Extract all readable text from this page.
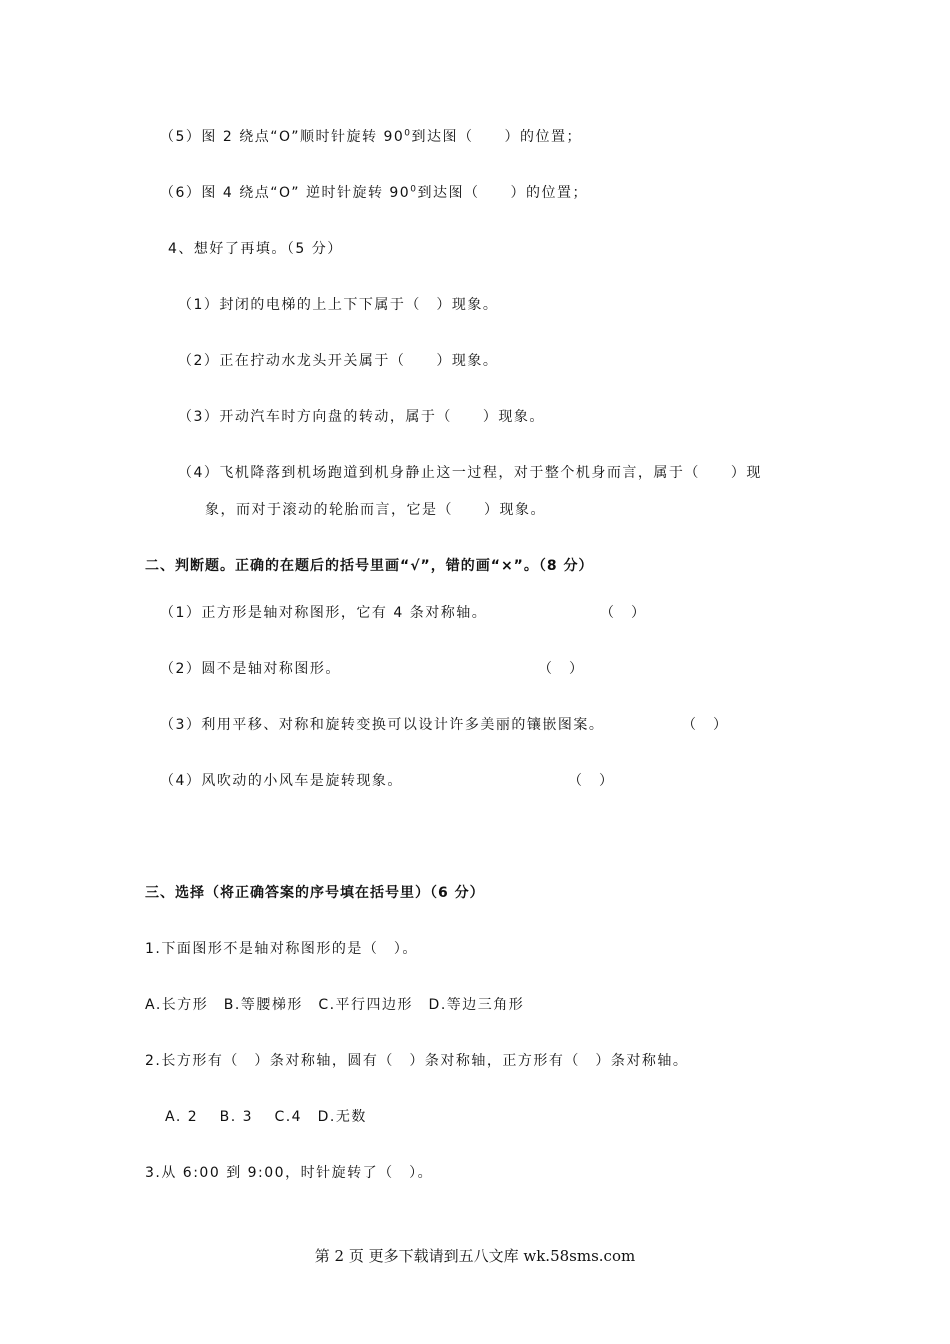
（5）图 2 绕点“O”顺时针旋转 $90^0$到达图（　　）的位置；
（6）图 4 绕点“O” 逆时针旋转 $90^0$到达图（　　）的位置；
4、想好了再填。（5 分）
（1）封闭的电梯的上上下下属于（　）现象。
（2）正在拧动水龙头开关属于（　　）现象。
（3）开动汽车时方向盘的转动，属于（　　）现象。
（4）飞机降落到机场跑道到机身静止这一过程，对于整个机身而言，属于（　　）现
象，而对于滚动的轮胎而言，它是（　　）现象。
二、判断题。正确的在题后的括号里画“√”，错的画“×”。（8 分）
（1）正方形是轴对称图形，它有 4 条对称轴。	（　）
（2）圆不是轴对称图形。	（　）
（3）利用平移、对称和旋转变换可以设计许多美丽的镶嵌图案。	（　）
（4）风吹动的小风车是旋转现象。	（　）
三、选择（将正确答案的序号填在括号里）（6 分）
1.下面图形不是轴对称图形的是（　）。
A.长方形　B.等腰梯形　C.平行四边形　D.等边三角形
2.长方形有（　）条对称轴，圆有（　）条对称轴，正方形有（　）条对称轴。
A. 2　 B. 3　 C.4　D.无数
3.从 6:00 到 9:00，时针旋转了（　）。
第 2 页 更多下载请到五八文库 wk.58sms.com
